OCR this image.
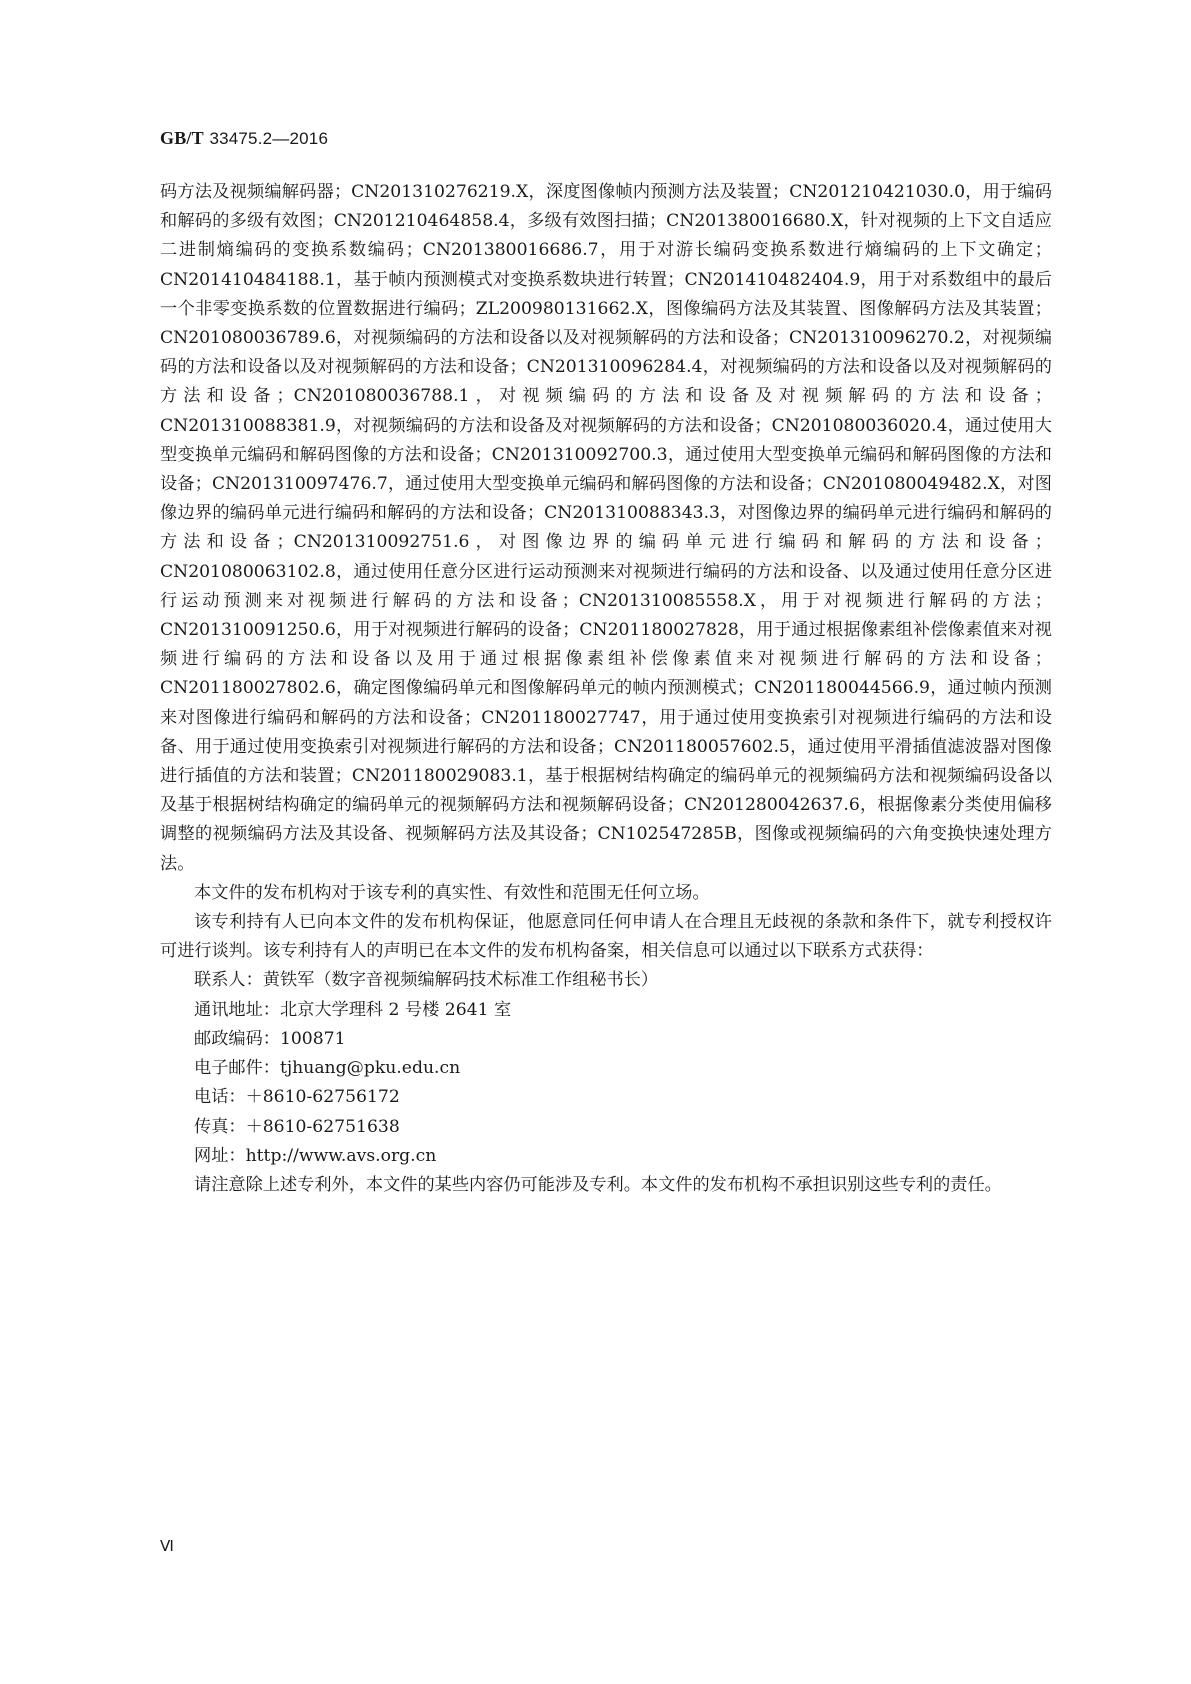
GB/T 33475.2—2016

码方法及视频编解码器；CN201310276219.X，深度图像帧内预测方法及装置；CN201210421030.0，用于编码和解码的多级有效图；CN201210464858.4，多级有效图扫描；CN201380016680.X，针对视频的上下文自适应二进制熵编码的变换系数编码；CN201380016686.7，用于对游长编码变换系数进行熵编码的上下文确定；CN201410484188.1，基于帧内预测模式对变换系数块进行转置；CN201410482404.9，用于对系数组中的最后一个非零变换系数的位置数据进行编码；ZL200980131662.X，图像编码方法及其装置、图像解码方法及其装置；CN201080036789.6，对视频编码的方法和设备以及对视频解码的方法和设备；CN201310096270.2，对视频编码的方法和设备以及对视频解码的方法和设备；CN201310096284.4，对视频编码的方法和设备以及对视频解码的方法和设备；CN201080036788.1，对视频编码的方法和设备及对视频解码的方法和设备；CN201310088381.9，对视频编码的方法和设备及对视频解码的方法和设备；CN201080036020.4，通过使用大型变换单元编码和解码图像的方法和设备；CN201310092700.3，通过使用大型变换单元编码和解码图像的方法和设备；CN201310097476.7，通过使用大型变换单元编码和解码图像的方法和设备；CN201080049482.X，对图像边界的编码单元进行编码和解码的方法和设备；CN201310088343.3，对图像边界的编码单元进行编码和解码的方法和设备；CN201310092751.6，对图像边界的编码单元进行编码和解码的方法和设备；CN201080063102.8，通过使用任意分区进行运动预测来对视频进行编码的方法和设备、以及通过使用任意分区进行运动预测来对视频进行解码的方法和设备；CN201310085558.X，用于对视频进行解码的方法；CN201310091250.6，用于对视频进行解码的设备；CN201180027828，用于通过根据像素组补偿像素值来对视频进行编码的方法和设备以及用于通过根据像素组补偿像素值来对视频进行解码的方法和设备；CN201180027802.6，确定图像编码单元和图像解码单元的帧内预测模式；CN201180044566.9，通过帧内预测来对图像进行编码和解码的方法和设备；CN201180027747，用于通过使用变换索引对视频进行编码的方法和设备、用于通过使用变换索引对视频进行解码的方法和设备；CN201180057602.5，通过使用平滑插值滤波器对图像进行插值的方法和装置；CN201180029083.1，基于根据树结构确定的编码单元的视频编码方法和视频编码设备以及基于根据树结构确定的编码单元的视频解码方法和视频解码设备；CN201280042637.6，根据像素分类使用偏移调整的视频编码方法及其设备、视频解码方法及其设备；CN102547285B，图像或视频编码的六角变换快速处理方法。

本文件的发布机构对于该专利的真实性、有效性和范围无任何立场。

该专利持有人已向本文件的发布机构保证，他愿意同任何申请人在合理且无歧视的条款和条件下，就专利授权许可进行谈判。该专利持有人的声明已在本文件的发布机构备案，相关信息可以通过以下联系方式获得：

联系人：黄铁军（数字音视频编解码技术标准工作组秘书长）

通讯地址：北京大学理科 2 号楼 2641 室

邮政编码：100871

电子邮件：tjhuang@pku.edu.cn

电话：＋8610-62756172

传真：＋8610-62751638

网址：http://www.avs.org.cn

请注意除上述专利外，本文件的某些内容仍可能涉及专利。本文件的发布机构不承担识别这些专利的责任。

Ⅵ
